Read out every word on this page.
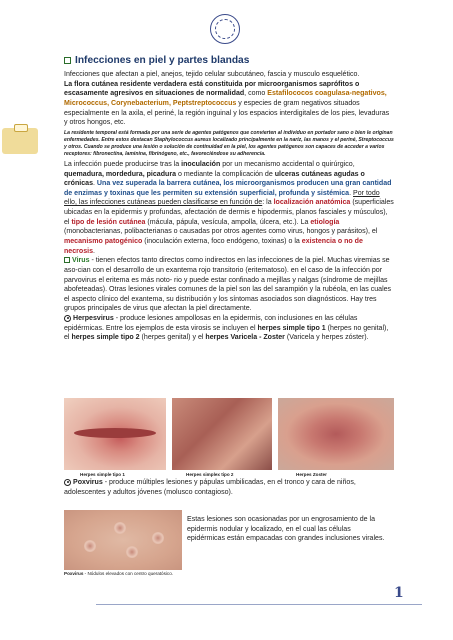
Infecciones en piel y partes blandas

Infecciones que afectan a piel, anejos, tejido celular subcutáneo, fascia y musculo esquelético.

La flora cutánea residente verdadera está constituida por microorganismos saprófitos o escasamente agresivos en situaciones de normalidad, como Estafilococos coagulasa-negativos, Micrococcus, Corynebacterium, Peptstreptococcus y especies de gram negativos situados especialmente en la axila, el periné, la región inguinal y los espacios interdigitales de los pies, levaduras y otros hongos, etc.

La residente temporal está formada por una serie de agentes patógenos que convierten al individuo en portador sano o bien le originan enfermedades. Entre estos destacan Staphylococcus aureus localizado principalmente en la nariz, las manos y el periné, Streptococcus y otros. Cuando se produce una lesión o solución de continuidad en la piel, los agentes patógenos son capaces de acceder a varios receptores: fibronectina, laminina, fibrinógeno, etc., favoreciéndose su adherencia.

La infección puede producirse tras la inoculación por un mecanismo accidental o quirúrgico, quemadura, mordedura, picadura o mediante la complicación de ulceras cutáneas agudas o crónicas. Una vez superada la barrera cutánea, los microorganismos producen una gran cantidad de enzimas y toxinas que les permiten su extensión superficial, profunda y sistémica. Por todo ello, las infecciones cutáneas pueden clasificarse en función de: la localización anatómica (superficiales ubicadas en la epidermis y profundas, afectación de dermis e hipodermis, planos fasciales y músculos), el tipo de lesión cutánea (mácula, pápula, vesícula, ampolla, úlcera, etc.). La etiología (monobacterianas, polibacterianas o causadas por otros agentes como virus, hongos y parásitos), el mecanismo patogénico (inoculación externa, foco endógeno, toxinas) o la existencia o no de necrosis.

Virus - tienen efectos tanto directos como indirectos en las infecciones de la piel. Muchas viremias se aso-cian con el desarrollo de un exantema rojo transitorio (eritematoso). en el caso de la infección por parvovirus el eritema es más noto- rio y puede estar confinado a mejillas y nalgas (síndrome de mejillas abofeteadas). Otras lesiones virales comunes de la piel son las del sarampión y la rubéola, en las cuales el aspecto clínico del exantema, su distribución y los síntomas asociados son diagnósticos. Hay tres grupos principales de virus que afectan la piel directamente.

Herpesvirus - produce lesiones ampollosas en la epidermis, con inclusiones en las células epidérmicas. Entre los ejemplos de esta virosis se incluyen el herpes simple tipo 1 (herpes no genital), el herpes simple tipo 2 (herpes genital) y el herpes Varicela - Zoster (Varicela y herpes zóster).

Herpes simple tipo 1	Herpes simplex tipo 2	Herpes Zoster

Poxvirus - produce múltiples lesiones y pápulas umbilicadas, en el tronco y cara de niños, adolescentes y adultos jóvenes (molusco contagioso).

Poxvirus - Nódulos elevados con centro queratósico.

Estas lesiones son ocasionadas por un engrosamiento de la epidermis nodular y localizado, en el cual las células epidérmicas están empacadas con grandes inclusiones virales.

1
